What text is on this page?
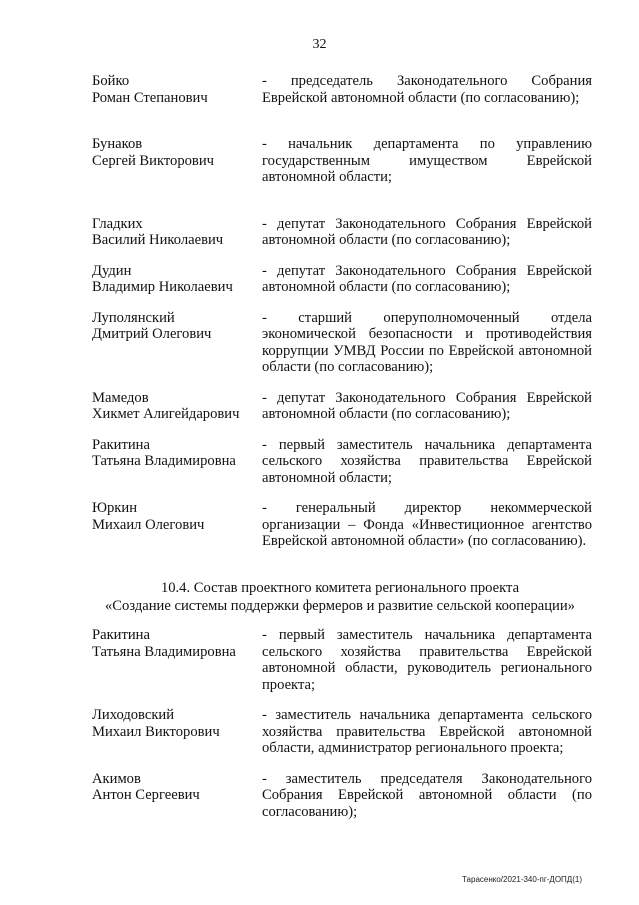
32
Бойко
Роман Степанович
- председатель Законодательного Собрания Еврейской автономной области (по согласованию);
Бунаков
Сергей Викторович
- начальник департамента по управлению государственным имуществом Еврейской автономной области;
Гладких
Василий Николаевич
- депутат Законодательного Собрания Еврейской автономной области (по согласованию);
Дудин
Владимир Николаевич
- депутат Законодательного Собрания Еврейской автономной области (по согласованию);
Луполянский
Дмитрий Олегович
- старший оперуполномоченный отдела экономической безопасности и противодействия коррупции УМВД России по Еврейской автономной области (по согласованию);
Мамедов
Хикмет Алигейдарович
- депутат Законодательного Собрания Еврейской автономной области (по согласованию);
Ракитина
Татьяна Владимировна
- первый заместитель начальника департамента сельского хозяйства правительства Еврейской автономной области;
Юркин
Михаил Олегович
- генеральный директор некоммерческой организации – Фонда «Инвестиционное агентство Еврейской автономной области» (по согласованию).
10.4. Состав проектного комитета регионального проекта
«Создание системы поддержки фермеров и развитие сельской кооперации»
Ракитина
Татьяна Владимировна
- первый заместитель начальника департамента сельского хозяйства правительства Еврейской автономной области, руководитель регионального проекта;
Лиходовский
Михаил Викторович
- заместитель начальника департамента сельского хозяйства правительства Еврейской автономной области, администратор регионального проекта;
Акимов
Антон Сергеевич
- заместитель председателя Законодательного Собрания Еврейской автономной области (по согласованию);
Тарасенко/2021-340-пг-ДОПД(1)
